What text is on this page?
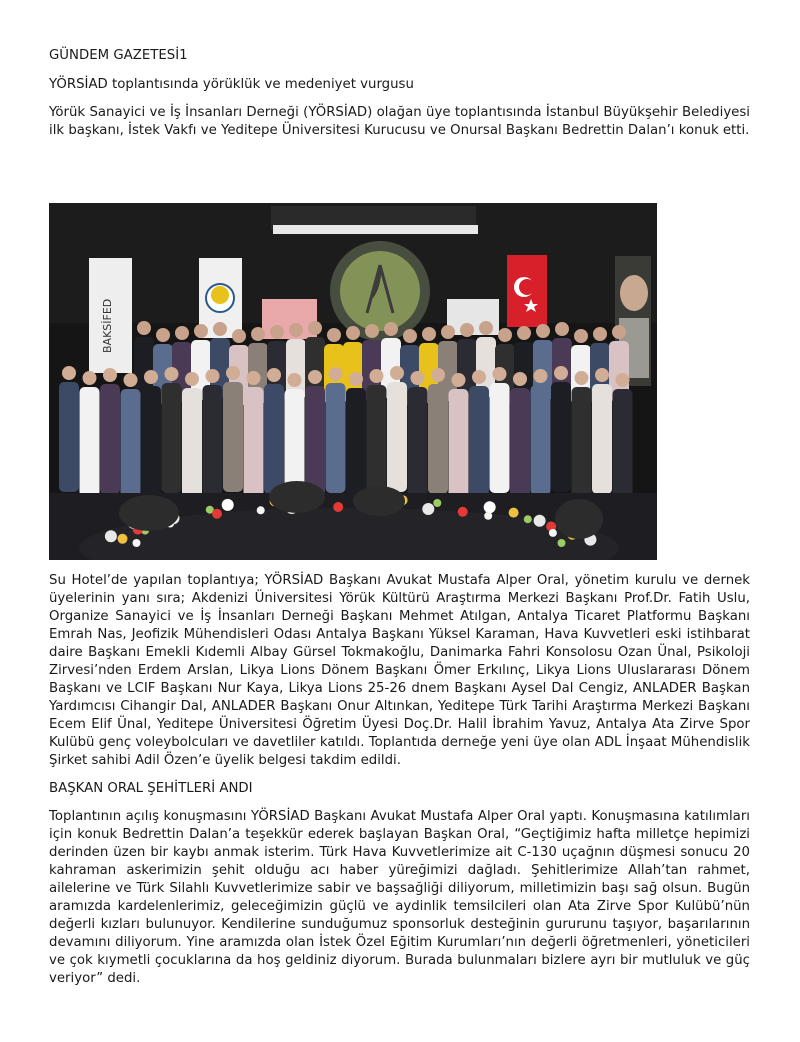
GÜNDEM GAZETESİ1

YÖRSİAD toplantısında yörüklük ve medeniyet vurgusu

Yörük Sanayici ve İş İnsanları Derneği (YÖRSİAD) olağan üye toplantısında İstanbul Büyükşehir Belediyesi ilk başkanı, İstek Vakfı ve Yeditepe Üniversitesi Kurucusu ve Onursal Başkanı Bedrettin Dalan’ı konuk etti.

BAKSİFED

Su Hotel’de yapılan toplantıya; YÖRSİAD Başkanı Avukat Mustafa Alper Oral, yönetim kurulu ve dernek üyelerinin yanı sıra; Akdenizi Üniversitesi Yörük Kültürü Araştırma Merkezi Başkanı Prof.Dr. Fatih Uslu, Organize Sanayici ve İş İnsanları Derneği Başkanı Mehmet Atılgan, Antalya Ticaret Platformu Başkanı Emrah Nas, Jeofizik Mühendisleri Odası Antalya Başkanı Yüksel Karaman, Hava Kuvvetleri eski istihbarat daire Başkanı Emekli Kıdemli Albay Gürsel Tokmakoğlu, Danimarka Fahri Konsolosu Ozan Ünal, Psikoloji Zirvesi’nden Erdem Arslan, Likya Lions Dönem Başkanı Ömer Erkılınç, Likya Lions Uluslararası Dönem Başkanı ve LCIF Başkanı Nur Kaya, Likya Lions 25-26 dnem Başkanı Aysel Dal Cengiz, ANLADER Başkan Yardımcısı Cihangir Dal, ANLADER Başkanı Onur Altınkan, Yeditepe Türk Tarihi Araştırma Merkezi Başkanı Ecem Elif Ünal, Yeditepe Üniversitesi Öğretim Üyesi Doç.Dr. Halil İbrahim Yavuz, Antalya Ata Zirve Spor Kulübü genç voleybolcuları ve davetliler katıldı. Toplantıda derneğe yeni üye olan ADL İnşaat Mühendislik Şirket sahibi Adil Özen’e üyelik belgesi takdim edildi.

BAŞKAN ORAL ŞEHİTLERİ ANDI

Toplantının açılış konuşmasını YÖRSİAD Başkanı Avukat Mustafa Alper Oral yaptı. Konuşmasına katılımları için konuk Bedrettin Dalan’a teşekkür ederek başlayan Başkan Oral, “Geçtiğimiz hafta milletçe hepimizi derinden üzen bir kaybı anmak isterim. Türk Hava Kuvvetlerimize ait C-130 uçağnın düşmesi sonucu 20 kahraman askerimizin şehit olduğu acı haber yüreğimizi dağladı. Şehitlerimize Allah’tan rahmet, ailelerine ve Türk Silahlı Kuvvetlerimize sabir ve başsağliği diliyorum, milletimizin başı sağ olsun. Bugün aramızda kardelenlerimiz, geleceğimizin güçlü ve aydinlik temsilcileri olan Ata Zirve Spor Kulübü’nün değerli kızları bulunuyor. Kendilerine sunduğumuz sponsorluk desteğinin gururunu taşıyor, başarılarının devamını diliyorum. Yine aramızda olan İstek Özel Eğitim Kurumları’nın değerli öğretmenleri, yöneticileri ve çok kıymetli çocuklarına da hoş geldiniz diyorum. Burada bulunmaları bizlere ayrı bir mutluluk ve güç veriyor” dedi.
